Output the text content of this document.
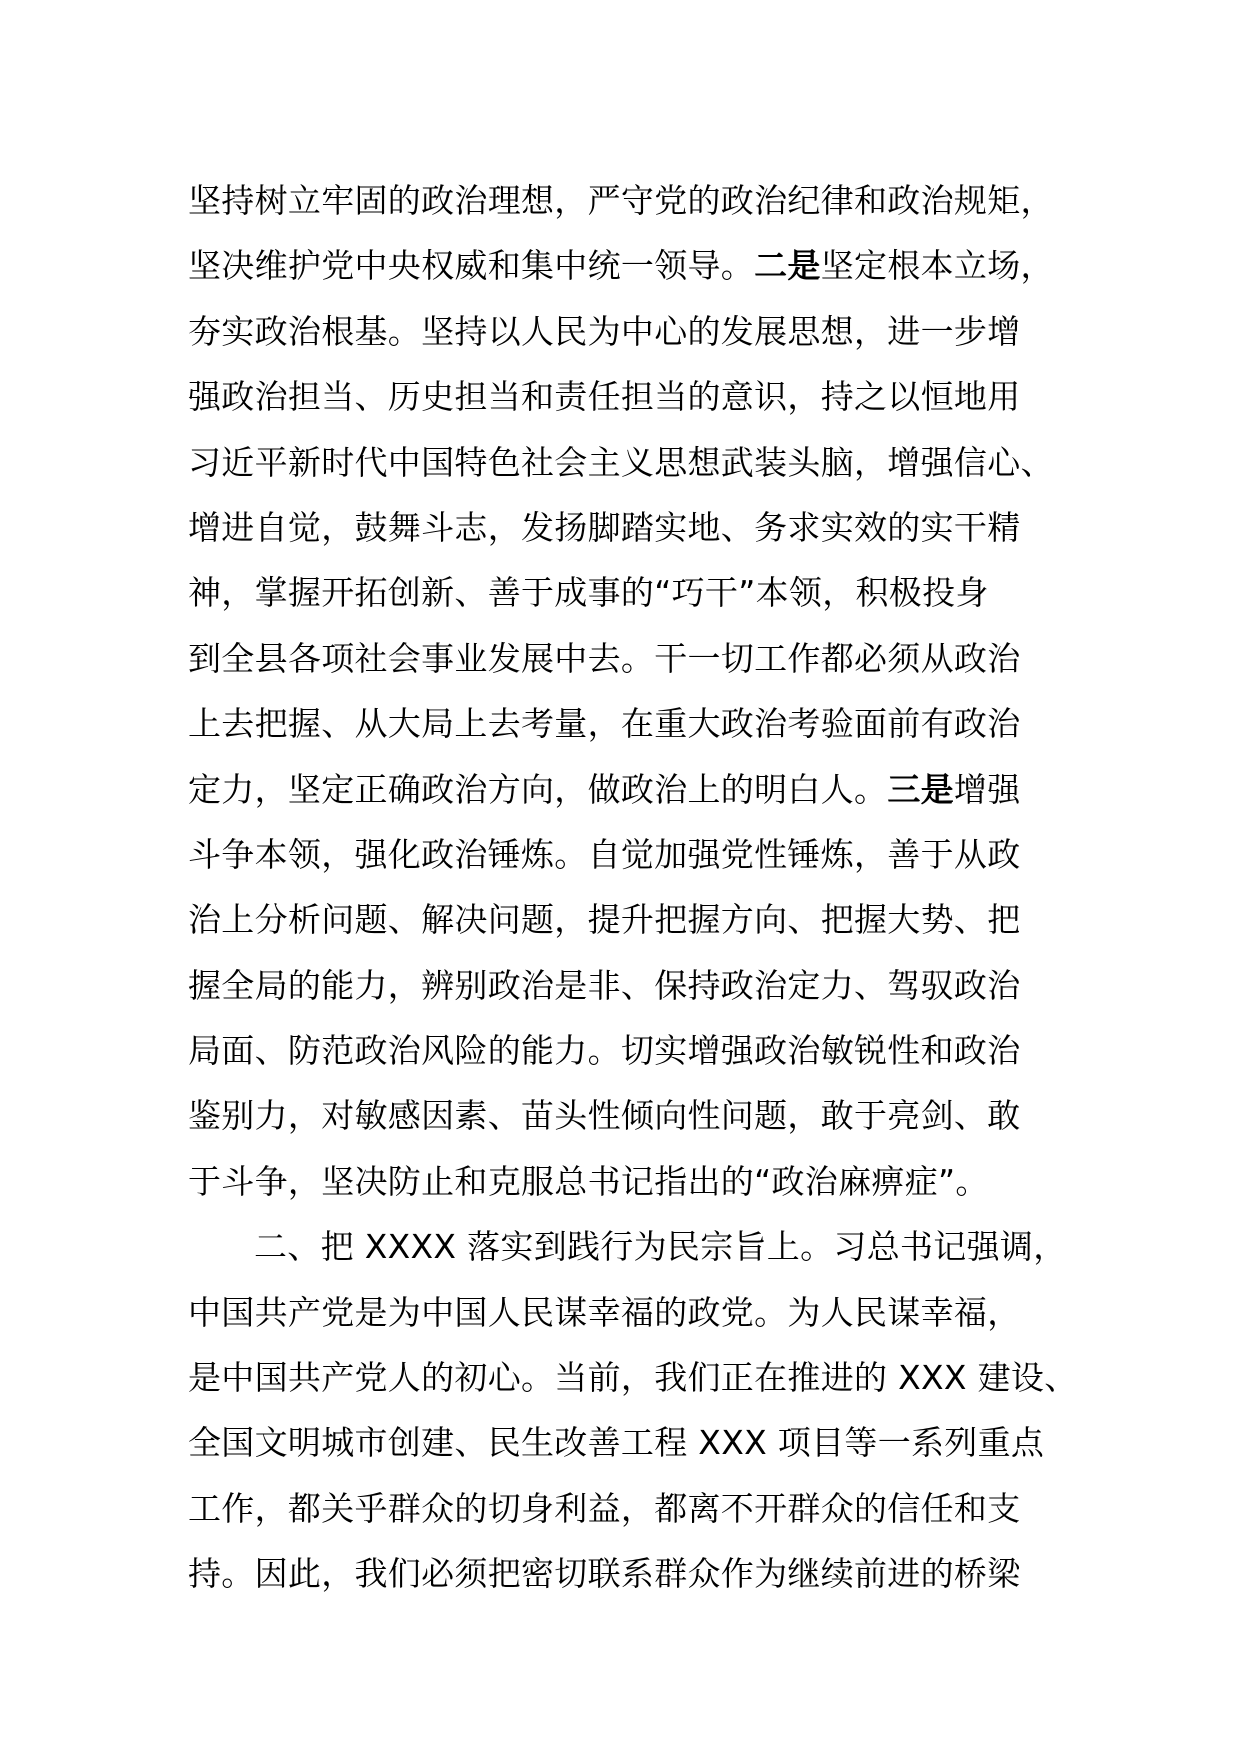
坚持树立牢固的政治理想，严守党的政治纪律和政治规矩，
坚决维护党中央权威和集中统一领导。二是坚定根本立场，
夯实政治根基。坚持以人民为中心的发展思想，进一步增
强政治担当、历史担当和责任担当的意识，持之以恒地用
习近平新时代中国特色社会主义思想武装头脑，增强信心、
增进自觉，鼓舞斗志，发扬脚踏实地、务求实效的实干精
神，掌握开拓创新、善于成事的“巧干”本领，积极投身
到全县各项社会事业发展中去。干一切工作都必须从政治
上去把握、从大局上去考量，在重大政治考验面前有政治
定力，坚定正确政治方向，做政治上的明白人。三是增强
斗争本领，强化政治锤炼。自觉加强党性锤炼，善于从政
治上分析问题、解决问题，提升把握方向、把握大势、把
握全局的能力，辨别政治是非、保持政治定力、驾驭政治
局面、防范政治风险的能力。切实增强政治敏锐性和政治
鉴别力，对敏感因素、苗头性倾向性问题，敢于亮剑、敢
于斗争，坚决防止和克服总书记指出的“政治麻痹症”。
二、把 XXXX 落实到践行为民宗旨上。习总书记强调，
中国共产党是为中国人民谋幸福的政党。为人民谋幸福，
是中国共产党人的初心。当前，我们正在推进的 XXX 建设、
全国文明城市创建、民生改善工程 XXX 项目等一系列重点
工作，都关乎群众的切身利益，都离不开群众的信任和支
持。因此，我们必须把密切联系群众作为继续前进的桥梁
